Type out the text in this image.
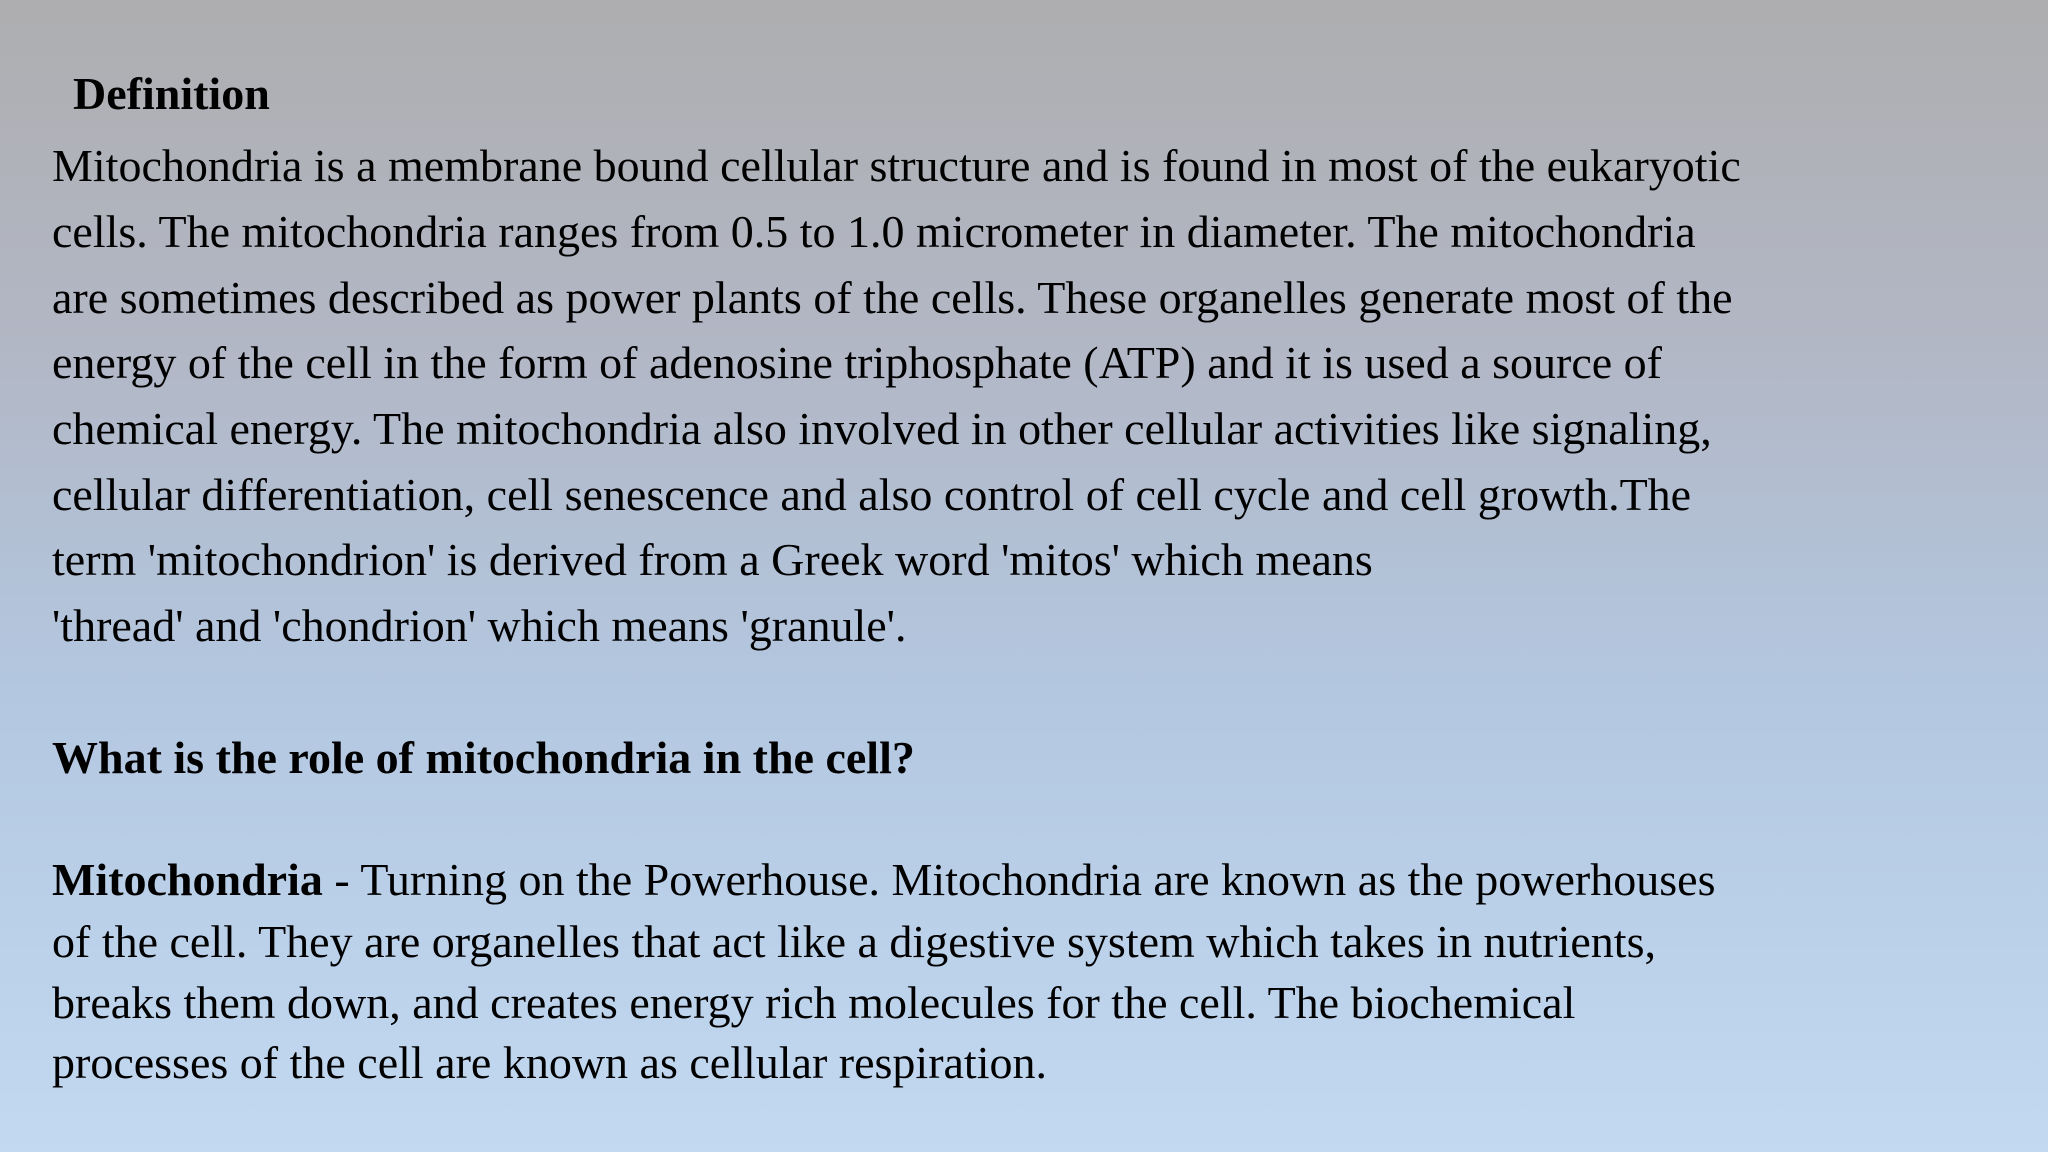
Definition

Mitochondria is a membrane bound cellular structure and is found in most of the eukaryotic

cells. The mitochondria ranges from 0.5 to 1.0 micrometer in diameter. The mitochondria

are sometimes described as power plants of the cells. These organelles generate most of the

energy of the cell in the form of adenosine triphosphate (ATP) and it is used a source of

chemical energy. The mitochondria also involved in other cellular activities like signaling,

cellular differentiation, cell senescence and also control of cell cycle and cell growth.The

term 'mitochondrion' is derived from a Greek word 'mitos' which means

'thread' and 'chondrion' which means 'granule'.

What is the role of mitochondria in the cell?

Mitochondria - Turning on the Powerhouse. Mitochondria are known as the powerhouses

of the cell. They are organelles that act like a digestive system which takes in nutrients,

breaks them down, and creates energy rich molecules for the cell. The biochemical

processes of the cell are known as cellular respiration.
